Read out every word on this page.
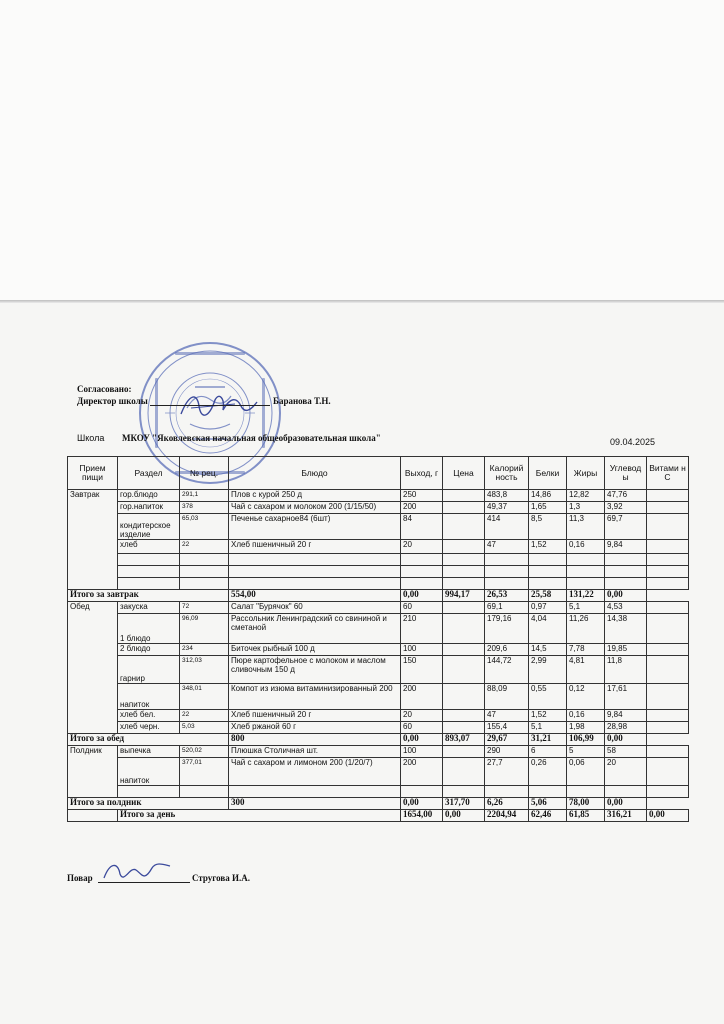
Согласовано:
Директор школы	Баранова Т.Н.
Школа МКОУ "Яковлевская начальная общеобразовательная школа"	09.04.2025
Прием пищи	Раздел	№ рец.	Блюдо	Выход, г	Цена	Калорий ность	Белки	Жиры	Углевод ы	Витами н С
Завтрак	гор.блюдо	291,1	Плов с курой 250 д	250		483,8	14,86	12,82	47,76	
	гор.напиток	378	Чай с сахаром и молоком 200 (1/15/50)	200		49,37	1,65	1,3	3,92	
	кондитерское изделие	65,03	Печенье сахарное84 (6шт)	84		414	8,5	11,3	69,7	
	хлеб	22	Хлеб пшеничный 20 г	20		47	1,52	0,16	9,84	

Итого за завтрак			554,00	0,00	994,17	26,53	25,58	131,22	0,00	
Обед	закуска	72	Салат "Бурячок" 60	60		69,1	0,97	5,1	4,53	
	1 блюдо	96,09	Рассольник Ленинградский со свининой и сметаной	210		179,16	4,04	11,26	14,38	
	2 блюдо	234	Биточек рыбный 100 д	100		209,6	14,5	7,78	19,85	
	гарнир	312,03	Пюре картофельное с молоком и маслом сливочным 150 д	150		144,72	2,99	4,81	11,8	
	напиток	348,01	Компот из изюма витаминизированный 200	200		88,09	0,55	0,12	17,61	
	хлеб бел.	22	Хлеб пшеничный 20 г	20		47	1,52	0,16	9,84	
	хлеб черн.	5,03	Хлеб ржаной 60 г	60		155,4	5,1	1,98	28,98	
Итого за обед			800	0,00	893,07	29,67	31,21	106,99	0,00	
Полдник	выпечка	520,02	Плюшка Столичная шт.	100		290	6	5	58	
	напиток	377,01	Чай с сахаром и лимоном 200 (1/20/7)	200		27,7	0,26	0,06	20	

Итого за полдник			300	0,00	317,70	6,26	5,06	78,00	0,00	
	Итого за день			1654,00	0,00	2204,94	62,46	61,85	316,21	0,00
Повар	Стругова И.А.
